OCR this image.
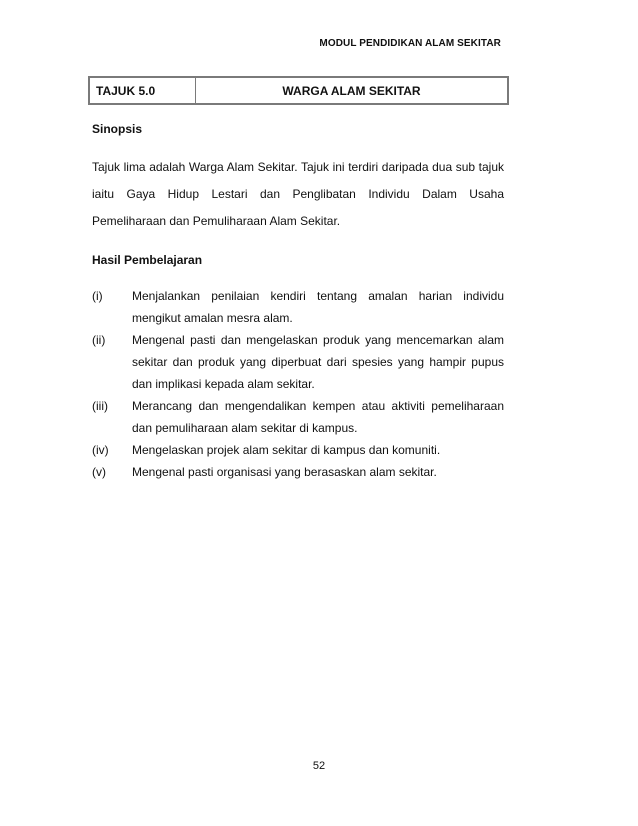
MODUL PENDIDIKAN ALAM SEKITAR
TAJUK 5.0	WARGA ALAM SEKITAR
Sinopsis
Tajuk lima adalah Warga Alam Sekitar. Tajuk ini terdiri daripada dua sub tajuk iaitu Gaya Hidup Lestari dan Penglibatan Individu Dalam Usaha Pemeliharaan dan Pemuliharaan Alam Sekitar.
Hasil Pembelajaran
(i)	Menjalankan penilaian kendiri tentang amalan harian individu mengikut amalan mesra alam.
(ii)	Mengenal pasti dan mengelaskan produk yang mencemarkan alam sekitar dan produk yang diperbuat dari spesies yang hampir pupus dan implikasi kepada alam sekitar.
(iii)	Merancang dan mengendalikan kempen atau aktiviti pemeliharaan dan pemuliharaan alam sekitar di kampus.
(iv)	Mengelaskan projek alam sekitar di kampus dan komuniti.
(v)	Mengenal pasti organisasi yang berasaskan alam sekitar.
52
